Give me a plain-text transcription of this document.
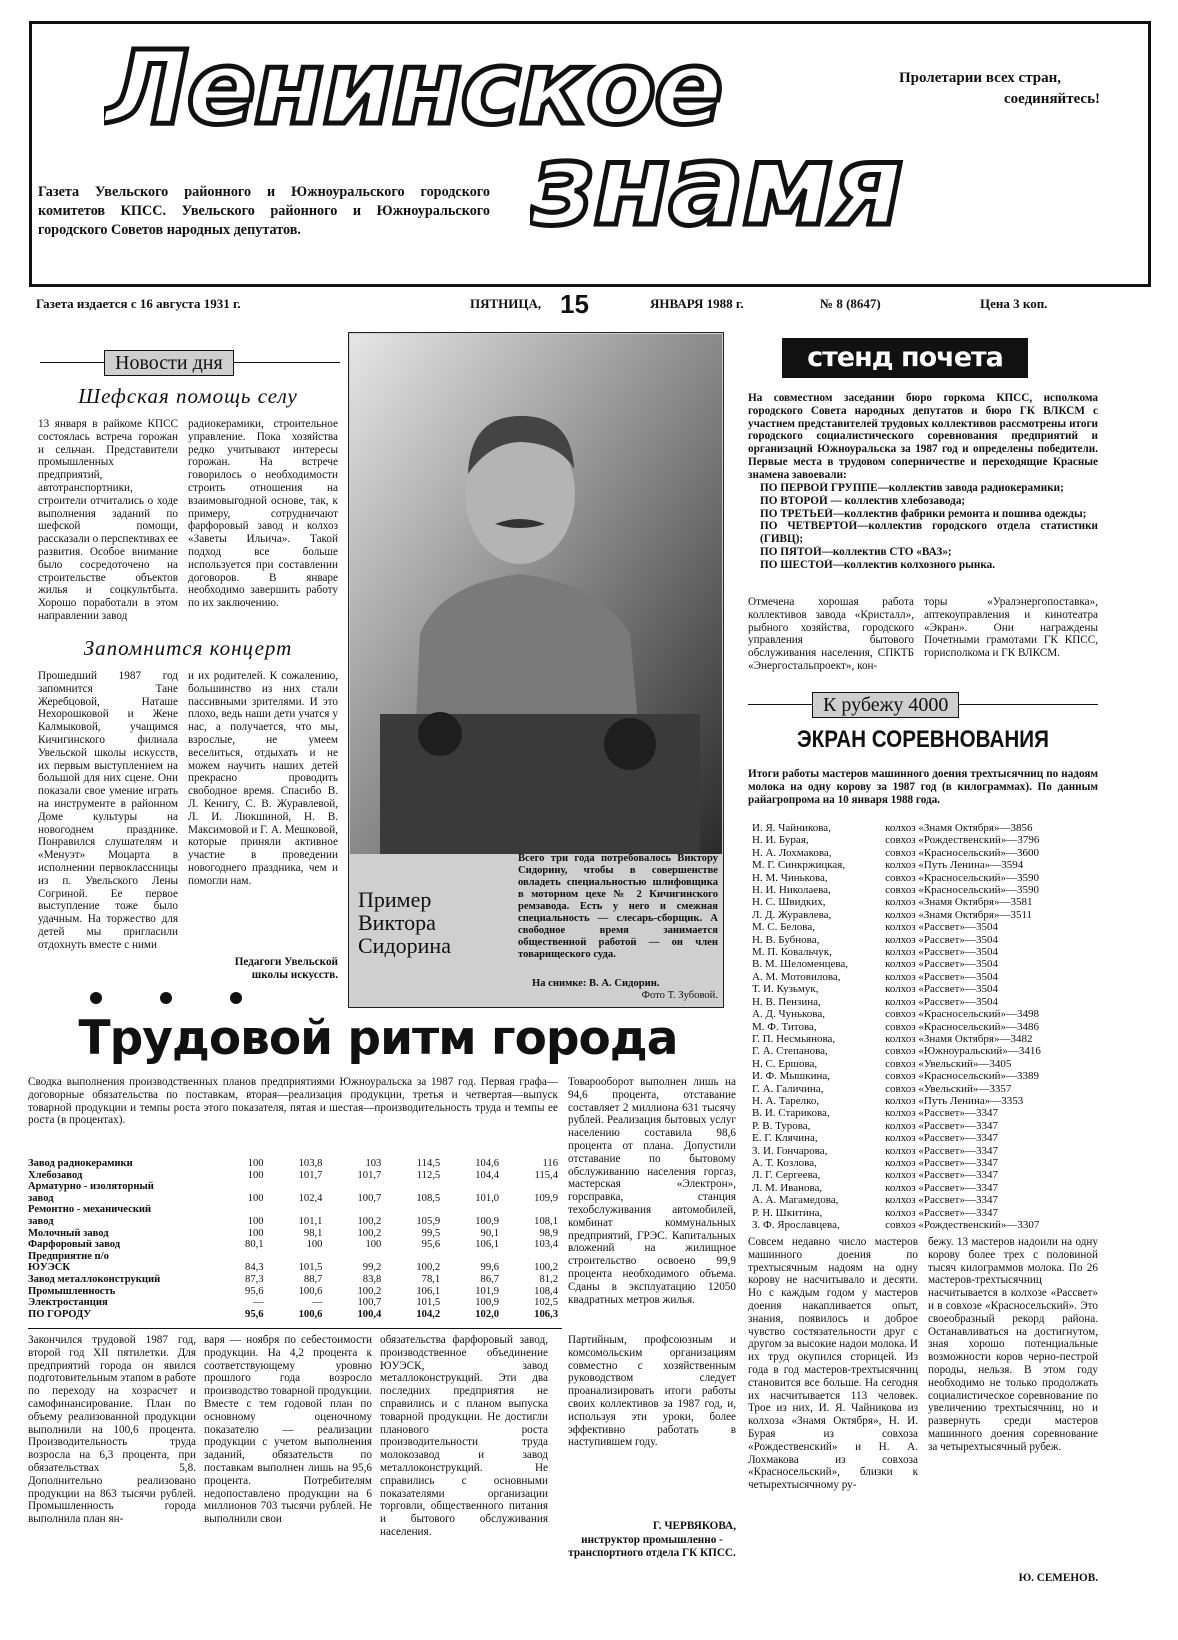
Ленинское
знамя
Пролетарии всех стран,
соединяйтесь!
Газета Увельского районного и Южноуральского городского комитетов КПСС. Увельского районного и Южноуральского городского Советов народных депутатов.
Газета издается с 16 августа 1931 г.	ПЯТНИЦА, 15	ЯНВАРЯ 1988 г.	№ 8 (8647)	Цена 3 коп.
Новости дня
Шефская помощь селу
13 января в райкоме КПСС состоялась встреча горожан и сельчан. Представители промышленных предприятий, автотранспортники, строители отчитались о ходе выполнения заданий по шефской помощи, рассказали о перспективах ее развития. Особое внимание было сосредоточено на строительстве объектов жилья и соцкультбыта. Хорошо поработали в этом направлении завод
радиокерамики, строительное управление. Пока хозяйства редко учитывают интересы горожан. На встрече говорилось о необходимости строить отношения на взаимовыгодной основе, так, к примеру, сотрудничают фарфоровый завод и колхоз «Заветы Ильича». Такой подход все больше используется при составлении договоров. В январе необходимо завершить работу по их заключению.
Запомнится концерт
Прошедший 1987 год запомнится Тане Жеребцовой, Наташе Нехорошковой и Жене Калмыковой, учащимся Кичигинского филиала Увельской школы искусств, их первым выступлением на большой для них сцене. Они показали свое умение играть на инструменте в районном Доме культуры на новогоднем празднике. Понравился слушателям и «Менуэт» Моцарта в исполнении первоклассницы из п. Увельского Лены Согриной. Ее первое выступление тоже было удачным. На торжество для детей мы пригласили отдохнуть вместе с ними
и их родителей. К сожалению, большинство из них стали пассивными зрителями. И это плохо, ведь наши дети учатся у нас, а получается, что мы, взрослые, не умеем веселиться, отдыхать и не можем научить наших детей прекрасно проводить свободное время. Спасибо В. Л. Кенигу, С. В. Журавлевой, Л. И. Люкшиной, Н. В. Максимовой и Г. А. Мешковой, которые приняли активное участие в проведении новогоднего праздника, чем и помогли нам.
Педагоги Увельской школы искусств.
Пример
Виктора
Сидорина
Всего три года потребовалось Виктору Сидорину, чтобы в совершенстве овладеть специальностью шлифовщика в моторном цехе № 2 Кичигинского ремзавода. Есть у него и смежная специальность — слесарь-сборщик. А свободное время занимается общественной работой — он член товарищеского суда.
На снимке: В. А. Сидорин.
Фото Т. Зубовой.
стенд почета
На совместном заседании бюро горкома КПСС, исполкома городского Совета народных депутатов и бюро ГК ВЛКСМ с участием представителей трудовых коллективов рассмотрены итоги городского социалистического соревнования предприятий и организаций Южноуральска за 1987 год и определены победители. Первые места в трудовом соперничестве и переходящие Красные знамена завоевали:
ПО ПЕРВОЙ ГРУППЕ—коллектив завода радиокерамики;
ПО ВТОРОЙ — коллектив хлебозавода;
ПО ТРЕТЬЕЙ—коллектив фабрики ремонта и пошива одежды;
ПО ЧЕТВЕРТОЙ—коллектив городского отдела статистики (ГИВЦ);
ПО ПЯТОЙ—коллектив СТО «ВАЗ»;
ПО ШЕСТОЙ—коллектив колхозного рынка.
Отмечена хорошая работа коллективов завода «Кристалл», рыбного хозяйства, городского управления бытового обслуживания населения, СПКТБ «Энергостальпроект», кон-
торы «Уралэнергопоставка», аптекоуправления и кинотеатра «Экран». Они награждены Почетными грамотами ГК КПСС, горисполкома и ГК ВЛКСМ.
К рубежу 4000
ЭКРАН СОРЕВНОВАНИЯ
Итоги работы мастеров машинного доения трехтысячниц по надоям молока на одну корову за 1987 год (в килограммах). По данным райагропрома на 10 января 1988 года.
И. Я. Чайникова,	колхоз «Знамя Октября»—3856
Н. И. Бурая,	совхоз «Рождественский»—3796
Н. А. Лохмакова,	совхоз «Красносельский»—3600
М. Г. Синкржицкая,	колхоз «Путь Ленина»—3594
Н. М. Чинькова,	совхоз «Красносельский»—3590
Н. И. Николаева,	совхоз «Красносельский»—3590
Н. С. Швидких,	колхоз «Знамя Октября»—3581
Л. Д. Журавлева,	колхоз «Знамя Октября»—3511
М. С. Белова,	колхоз «Рассвет»—3504
Н. В. Бубнова,	колхоз «Рассвет»—3504
М. П. Ковальчук,	колхоз «Рассвет»—3504
В. М. Шеломенцева,	колхоз «Рассвет»—3504
А. М. Мотовилова,	колхоз «Рассвет»—3504
Т. И. Кузьмук,	колхоз «Рассвет»—3504
Н. В. Пензина,	колхоз «Рассвет»—3504
А. Д. Чунькова,	совхоз «Красносельский»—3498
М. Ф. Титова,	совхоз «Красносельский»—3486
Г. П. Несмьянова,	колхоз «Знамя Октября»—3482
Г. А. Степанова,	совхоз «Южноуральский»—3416
Н. С. Ершова,	совхоз «Увельский»—3405
И. Ф. Мышкина,	совхоз «Красносельский»—3389
Г. А. Галичина,	совхоз «Увельский»—3357
Н. А. Тарелко,	колхоз «Путь Ленина»—3353
В. И. Старикова,	колхоз «Рассвет»—3347
Р. В. Турова,	колхоз «Рассвет»—3347
Е. Г. Клячина,	колхоз «Рассвет»—3347
З. И. Гончарова,	колхоз «Рассвет»—3347
А. Т. Козлова,	колхоз «Рассвет»—3347
Л. Г. Сергеева,	колхоз «Рассвет»—3347
Л. М. Иванова,	колхоз «Рассвет»—3347
А. А. Магамедова,	колхоз «Рассвет»—3347
Р. Н. Шкитина,	колхоз «Рассвет»—3347
З. Ф. Ярославцева,	совхоз «Рождественский»—3307
Совсем недавно число мастеров машинного доения по трехтысячным надоям на одну корову не насчитывало и десяти. Но с каждым годом у мастеров доения накапливается опыт, знания, появилось и доброе чувство состязательности друг с другом за высокие надои молока. И их труд окупился сторицей. Из года в год мастеров-трехтысячниц становится все больше. На сегодня их насчитывается 113 человек. Трое из них, И. Я. Чайникова из колхоза «Знамя Октября», Н. И. Бурая из совхоза «Рождественский» и Н. А. Лохмакова из совхоза «Красносельский», близки к четырехтысячному ру-
бежу. 13 мастеров надоили на одну корову более трех с половиной тысяч килограммов молока. По 26 мастеров-трехтысячниц насчитывается в колхозе «Рассвет» и в совхозе «Красносельский». Это своеобразный рекорд района. Останавливаться на достигнутом, зная хорошо потенциальные возможности коров черно-пестрой породы, нельзя. В этом году необходимо не только продолжать социалистическое соревнование по увеличению трехтысячниц, но и развернуть среди мастеров машинного доения соревнование за четырехтысячный рубеж.
Ю. СЕМЕНОВ.
Трудовой ритм города
Сводка выполнения производственных планов предприятиями Южноуральска за 1987 год. Первая графа—договорные обязательства по поставкам, вторая—реализация продукции, третья и четвертая—выпуск товарной продукции и темпы роста этого показателя, пятая и шестая—производительность труда и темпы ее роста (в процентах).
Завод радиокерамики	100	103,8	103	114,5	104,6	116
Хлебозавод	100	101,7	101,7	112,5	104,4	115,4
Арматурно - изоляторный						
завод	100	102,4	100,7	108,5	101,0	109,9
Ремонтно - механический						
завод	100	101,1	100,2	105,9	100,9	108,1
Молочный завод	100	98,1	100,2	99,5	90,1	98,9
Фарфоровый завод	80,1	100	100	95,6	106,1	103,4
Предприятие п/о						
ЮУЭСК	84,3	101,5	99,2	100,2	99,6	100,2
Завод металлоконструкций	87,3	88,7	83,8	78,1	86,7	81,2
Промышленность	95,6	100,6	100,2	106,1	101,9	108,4
Электростанция	—	—	100,7	101,5	100,9	102,5
ПО ГОРОДУ	95,6	100,6	100,4	104,2	102,0	106,3
Товарооборот выполнен лишь на 94,6 процента, отставание составляет 2 миллиона 631 тысячу рублей. Реализация бытовых услуг населению составила 98,6 процента от плана. Допустили отставание по бытовому обслуживанию населения горгаз, мастерская «Электрон», горсправка, станция техобслуживания автомобилей, комбинат коммунальных предприятий, ГРЭС. Капитальных вложений на жилищное строительство освоено 99,9 процента необходимого объема. Сданы в эксплуатацию 12050 квадратных метров жилья.
Закончился трудовой 1987 год, второй год XII пятилетки. Для предприятий города он явился подготовительным этапом в работе по переходу на хозрасчет и самофинансирование. План по объему реализованной продукции выполнили на 100,6 процента. Производительность труда возросла на 6,3 процента, при обязательствах 5,8. Дополнительно реализовано продукции на 863 тысячи рублей. Промышленность города выполнила план ян-
варя — ноября по себестоимости продукции. На 4,2 процента к соответствующему уровню прошлого года возросло производство товарной продукции. Вместе с тем годовой план по основному оценочному показателю — реализации продукции с учетом выполнения заданий, обязательств по поставкам выполнен лишь на 95,6 процента. Потребителям недопоставлено продукции на 6 миллионов 703 тысячи рублей. Не выполнили свои
обязательства фарфоровый завод, производственное объединение ЮУЭСК, завод металлоконструкций. Эти два последних предприятия не справились и с планом выпуска товарной продукции. Не достигли планового роста производительности труда молокозавод и завод металлоконструкций. Не справились с основными показателями организации торговли, общественного питания и бытового обслуживания населения.
Партийным, профсоюзным и комсомольским организациям совместно с хозяйственным руководством следует проанализировать итоги работы своих коллективов за 1987 год, и, используя эти уроки, более эффективно работать в наступившем году.
Г. ЧЕРВЯКОВА,
инструктор промышленно - транспортного отдела ГК КПСС.
